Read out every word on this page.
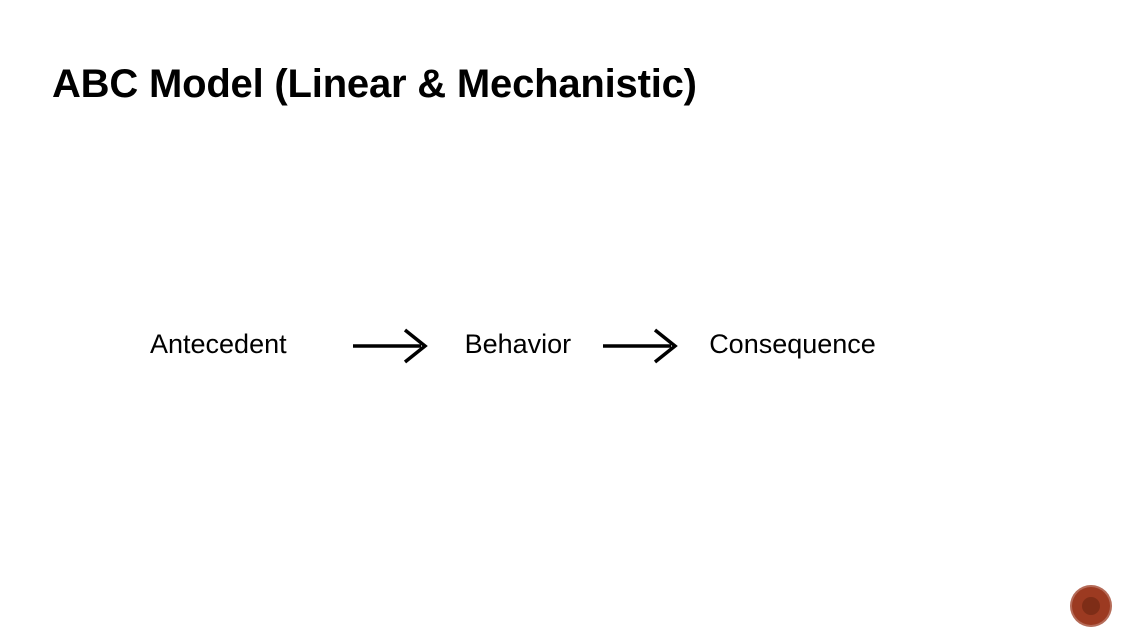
ABC Model (Linear & Mechanistic)
Antecedent	Behavior	Consequence
